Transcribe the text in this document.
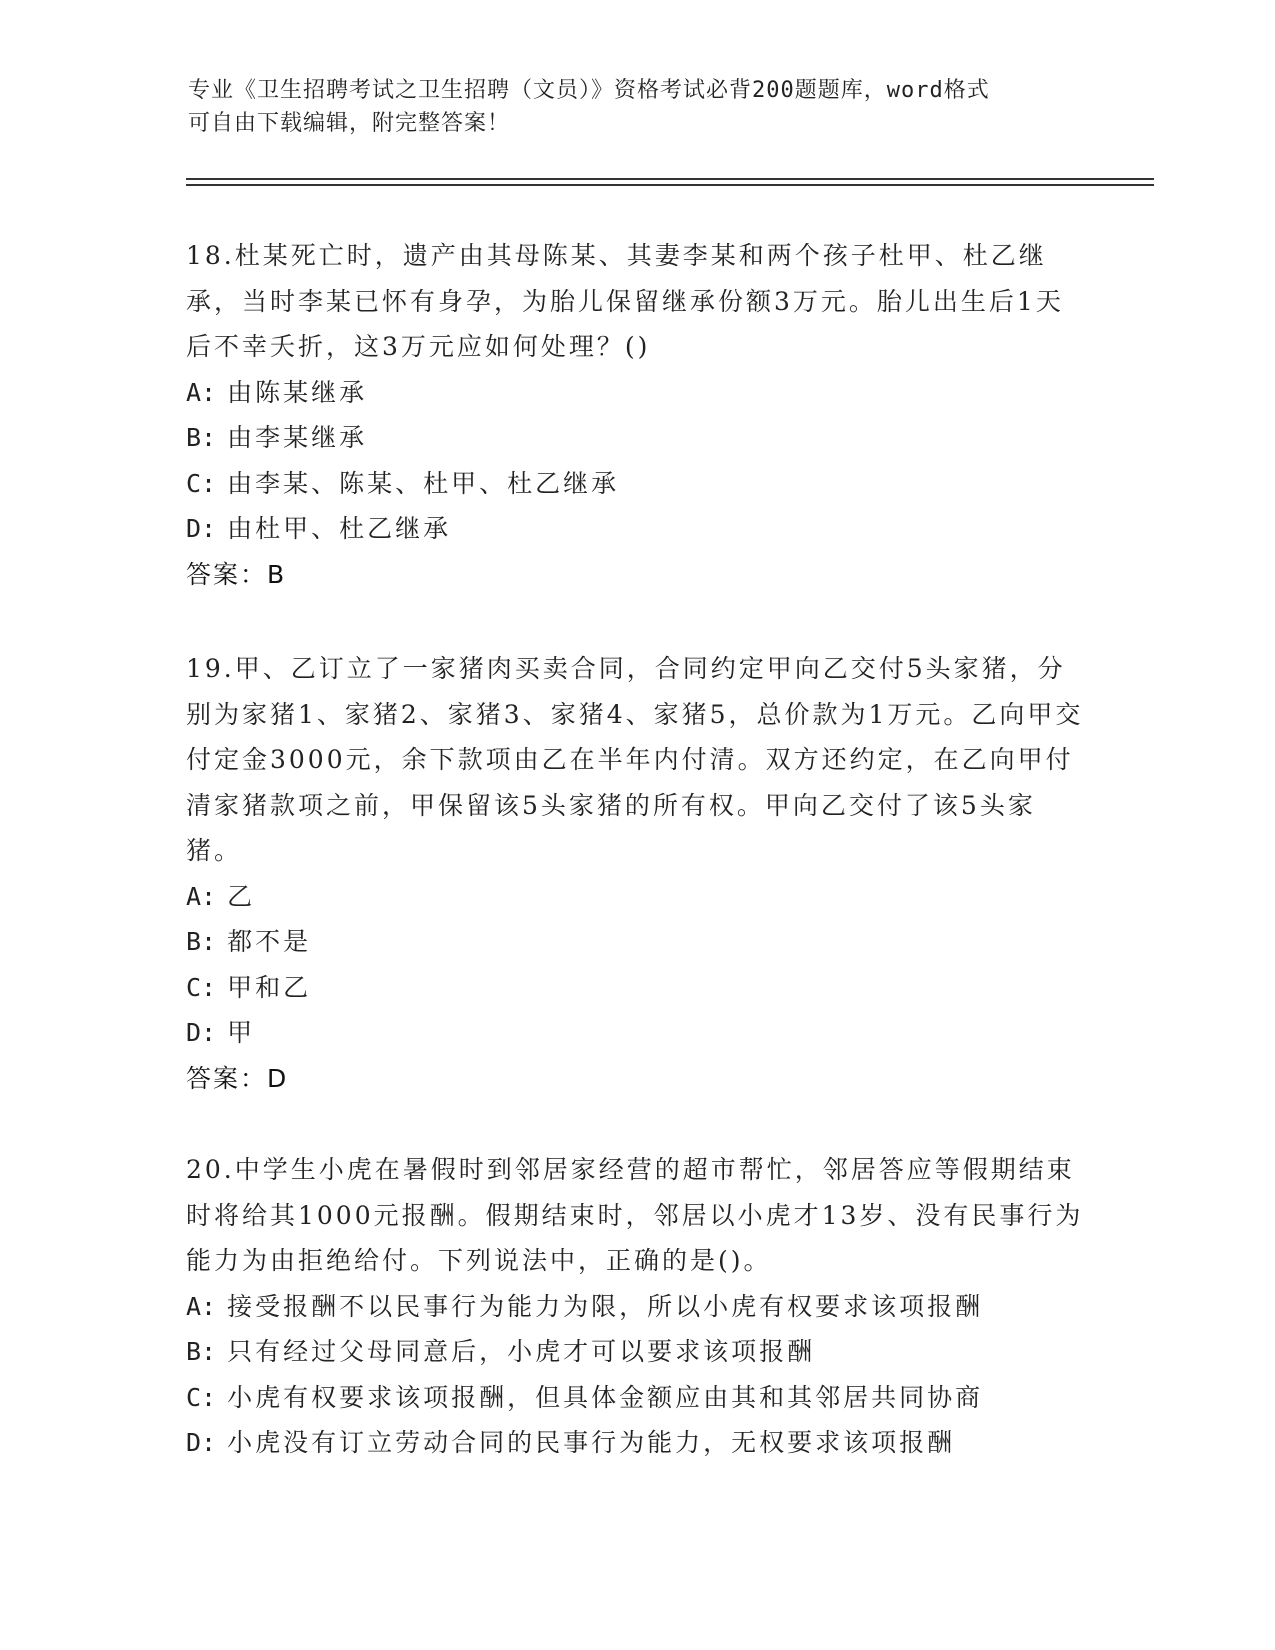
专业《卫生招聘考试之卫生招聘（文员）》资格考试必背200题题库，word格式
可自由下载编辑，附完整答案！

18.杜某死亡时，遗产由其母陈某、其妻李某和两个孩子杜甲、杜乙继承，当时李某已怀有身孕，为胎儿保留继承份额3万元。胎儿出生后1天后不幸夭折，这3万元应如何处理？()

A: 由陈某继承
B: 由李某继承
C: 由李某、陈某、杜甲、杜乙继承
D: 由杜甲、杜乙继承

答案：B

19.甲、乙订立了一家猪肉买卖合同，合同约定甲向乙交付5头家猪，分别为家猪1、家猪2、家猪3、家猪4、家猪5，总价款为1万元。乙向甲交付定金3000元，余下款项由乙在半年内付清。双方还约定，在乙向甲付清家猪款项之前，甲保留该5头家猪的所有权。甲向乙交付了该5头家猪。

A: 乙
B: 都不是
C: 甲和乙
D: 甲

答案：D

20.中学生小虎在暑假时到邻居家经营的超市帮忙，邻居答应等假期结束时将给其1000元报酬。假期结束时，邻居以小虎才13岁、没有民事行为能力为由拒绝给付。下列说法中，正确的是()。

A: 接受报酬不以民事行为能力为限，所以小虎有权要求该项报酬
B: 只有经过父母同意后，小虎才可以要求该项报酬
C: 小虎有权要求该项报酬，但具体金额应由其和其邻居共同协商
D: 小虎没有订立劳动合同的民事行为能力，无权要求该项报酬
